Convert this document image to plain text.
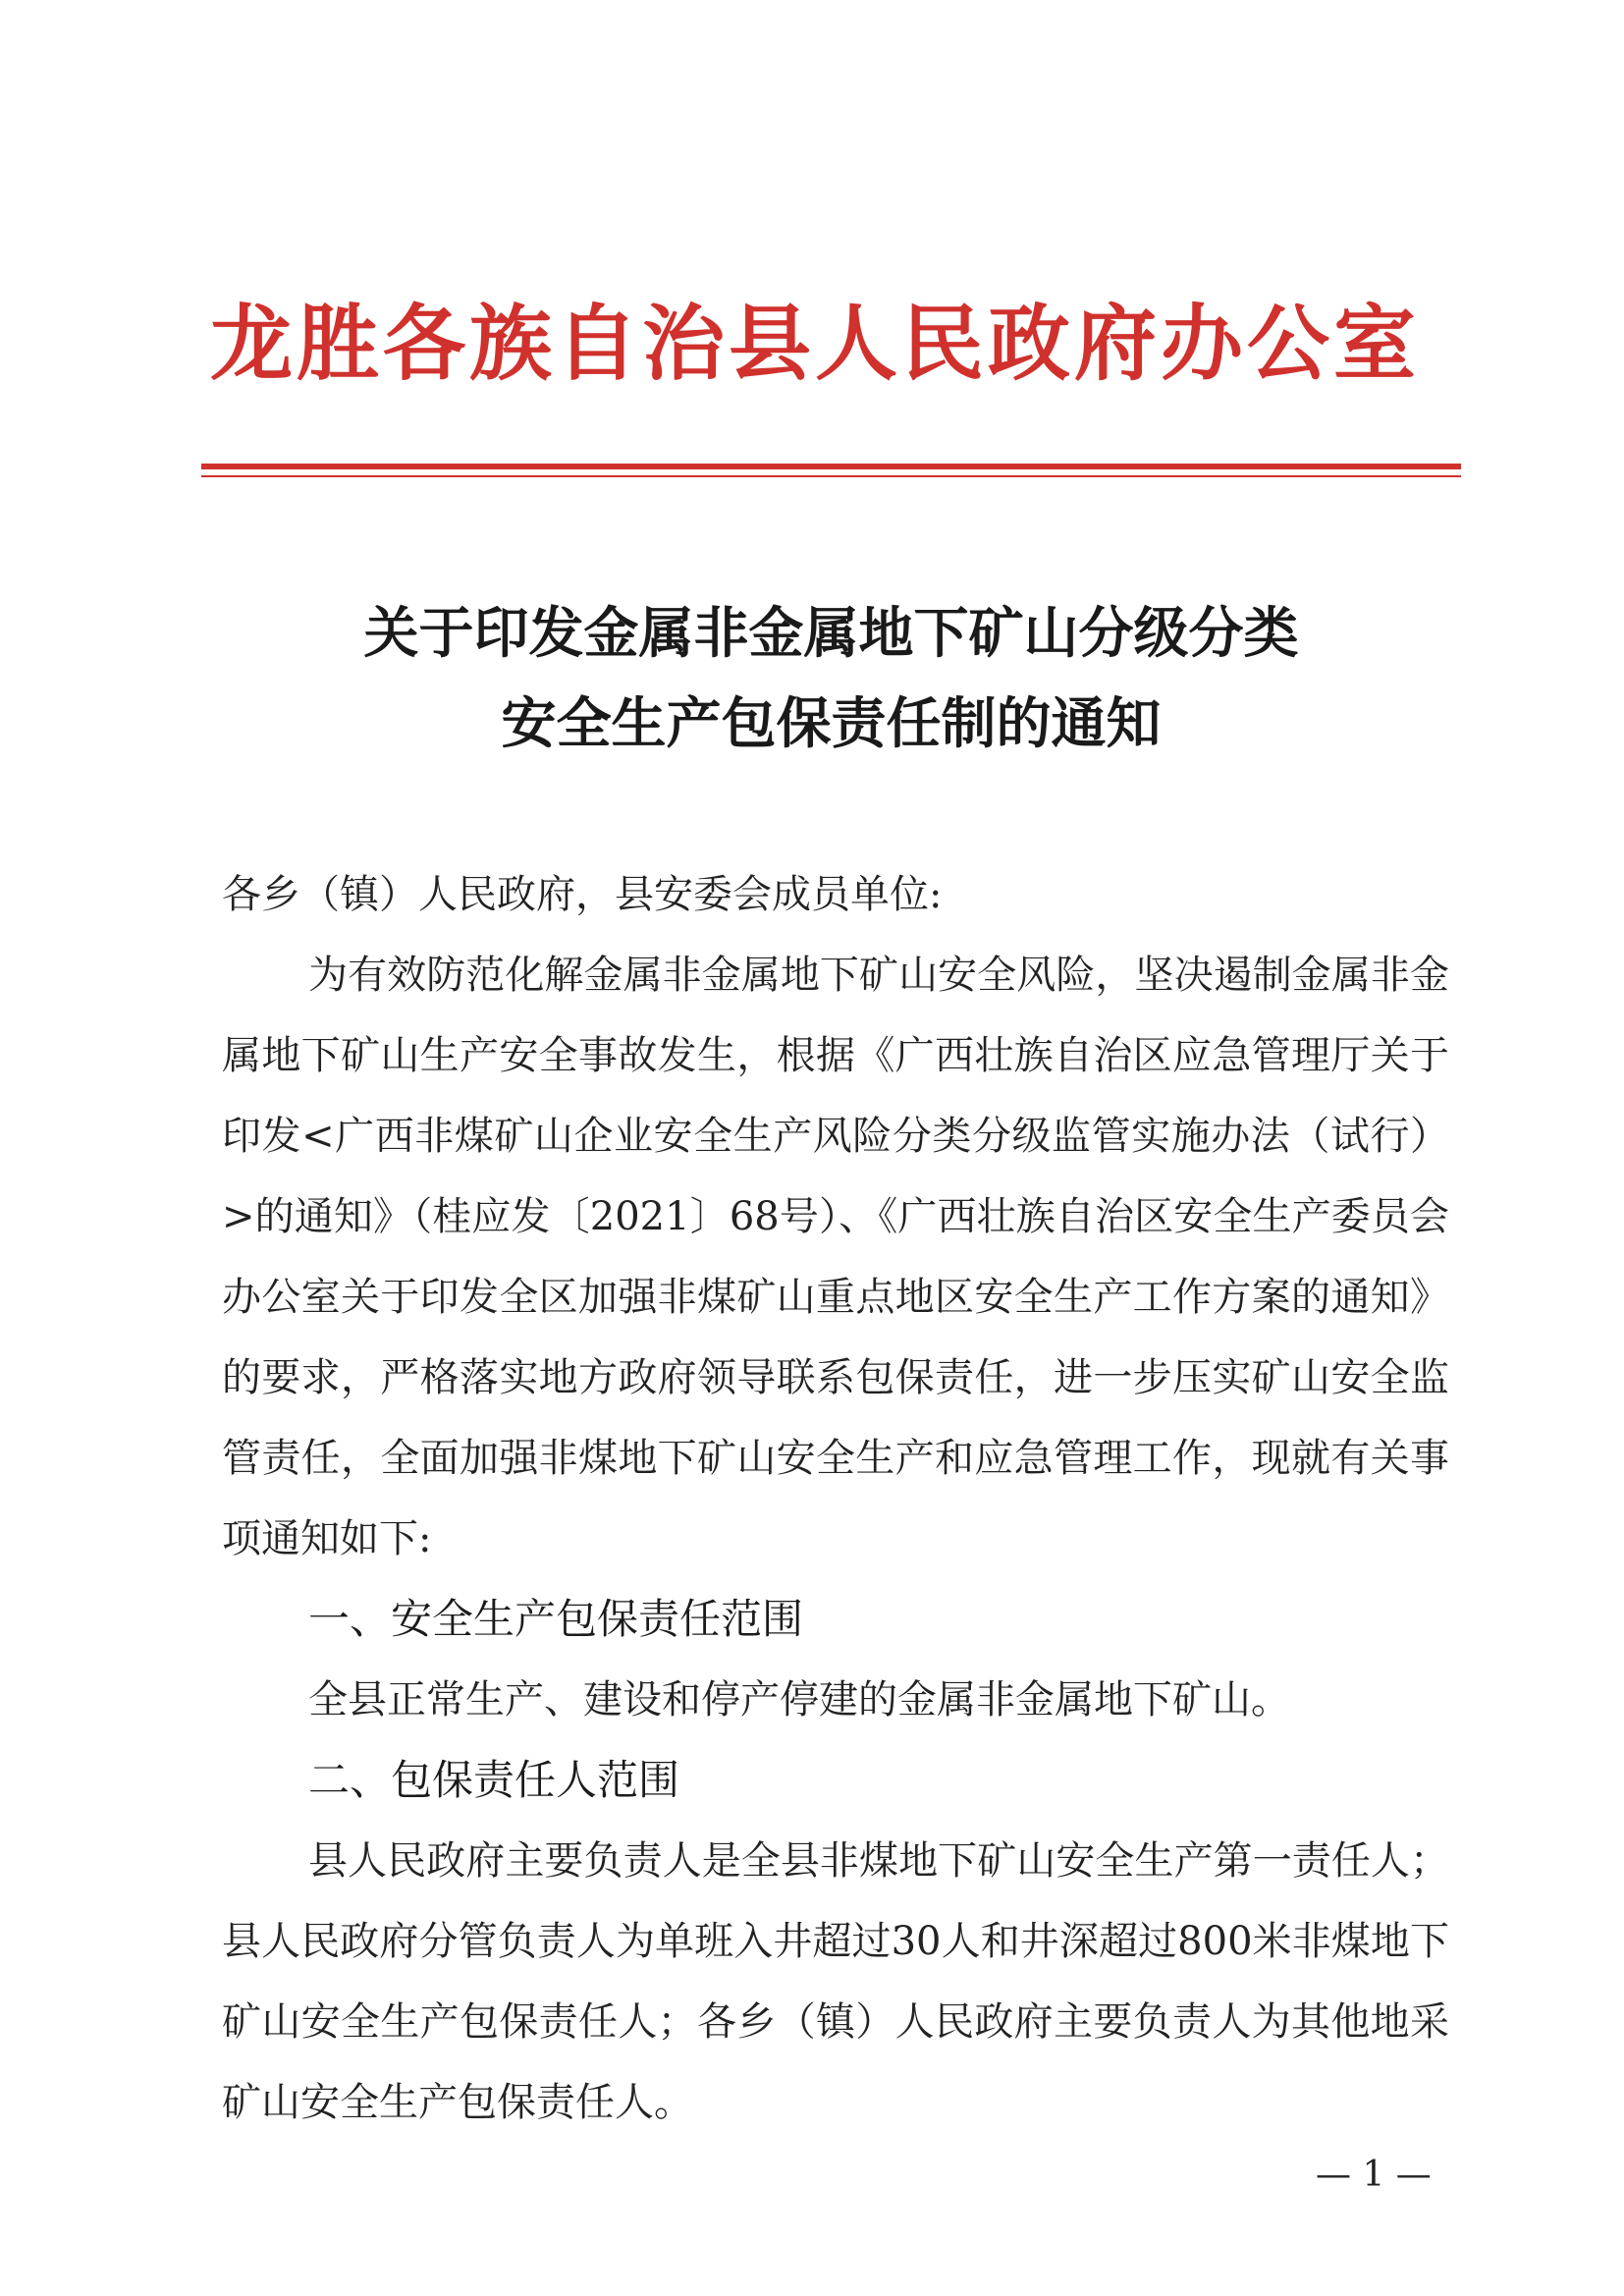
龙胜各族自治县人民政府办公室
关于印发金属非金属地下矿山分级分类
安全生产包保责任制的通知
各乡（镇）人民政府，县安委会成员单位:

为有效防范化解金属非金属地下矿山安全风险，坚决遏制金属非金属地下矿山生产安全事故发生，根据《广西壮族自治区应急管理厅关于印发<广西非煤矿山企业安全生产风险分类分级监管实施办法（试行）>的通知》（桂应发〔2021〕68号）、《广西壮族自治区安全生产委员会办公室关于印发全区加强非煤矿山重点地区安全生产工作方案的通知》的要求，严格落实地方政府领导联系包保责任，进一步压实矿山安全监管责任，全面加强非煤地下矿山安全生产和应急管理工作，现就有关事项通知如下:

一、安全生产包保责任范围

全县正常生产、建设和停产停建的金属非金属地下矿山。

二、包保责任人范围

县人民政府主要负责人是全县非煤地下矿山安全生产第一责任人；县人民政府分管负责人为单班入井超过30人和井深超过800米非煤地下矿山安全生产包保责任人；各乡（镇）人民政府主要负责人为其他地采矿山安全生产包保责任人。

— 1 —
